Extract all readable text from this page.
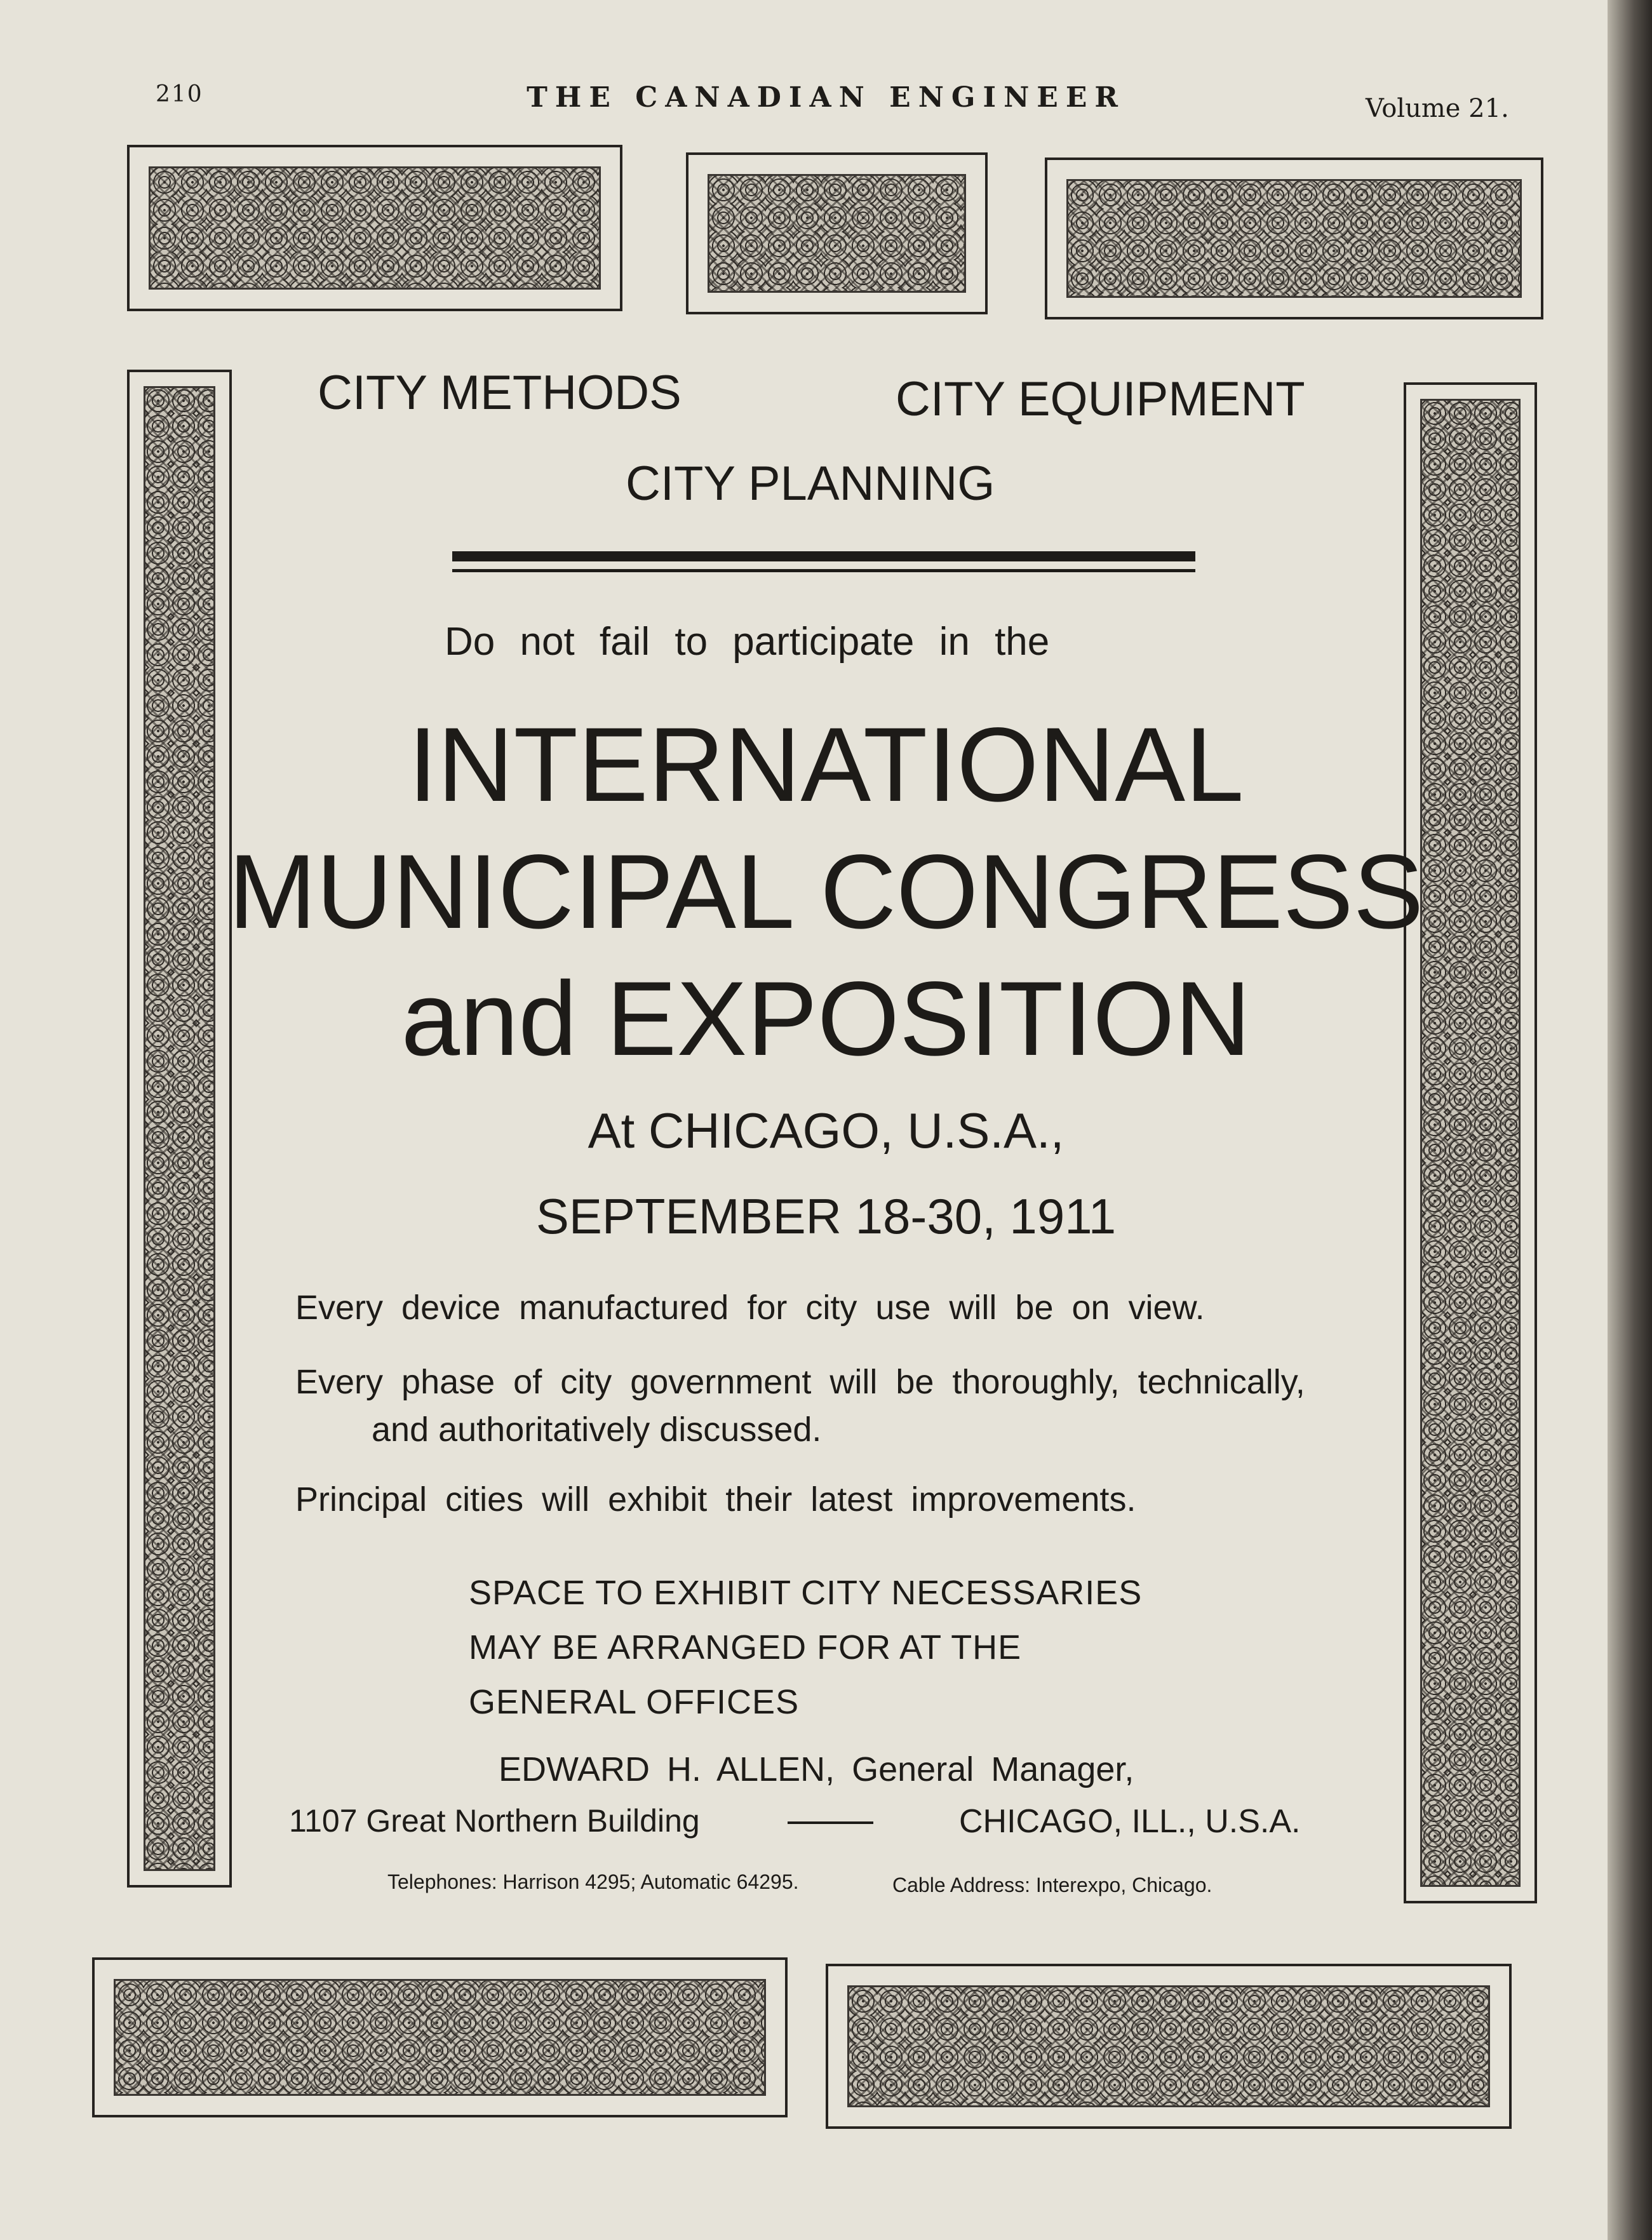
210	THE CANADIAN ENGINEER	Volume 21.
CITY METHODS	CITY EQUIPMENT
CITY PLANNING
Do not fail to participate in the
INTERNATIONAL
MUNICIPAL CONGRESS
and EXPOSITION
At CHICAGO, U.S.A.,
SEPTEMBER 18-30, 1911
Every device manufactured for city use will be on view.
Every phase of city government will be thoroughly, technically,
and authoritatively discussed.
Principal cities will exhibit their latest improvements.
SPACE TO EXHIBIT CITY NECESSARIES
MAY BE ARRANGED FOR AT THE
GENERAL OFFICES
EDWARD H. ALLEN, General Manager,
1107 Great Northern Building	CHICAGO, ILL., U.S.A.
Telephones: Harrison 4295; Automatic 64295.	Cable Address: Interexpo, Chicago.
